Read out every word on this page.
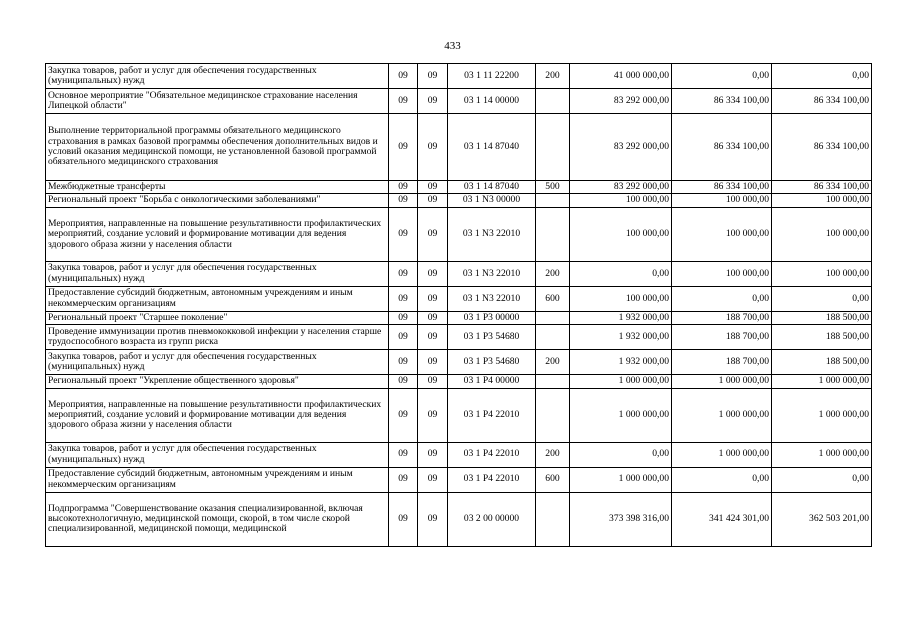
433
Закупка товаров, работ и услуг для обеспечения государственных (муниципальных) нужд	09	09	03 1 11 22200	200	41 000 000,00	0,00	0,00
Основное мероприятие "Обязательное медицинское страхование населения Липецкой области"	09	09	03 1 14 00000		83 292 000,00	86 334 100,00	86 334 100,00
Выполнение территориальной программы обязательного медицинского страхования в рамках базовой программы обеспечения дополнительных видов и условий оказания медицинской помощи, не установленной базовой программой обязательного медицинского страхования	09	09	03 1 14 87040		83 292 000,00	86 334 100,00	86 334 100,00
Межбюджетные трансферты	09	09	03 1 14 87040	500	83 292 000,00	86 334 100,00	86 334 100,00
Региональный проект "Борьба с онкологическими заболеваниями"	09	09	03 1 N3 00000		100 000,00	100 000,00	100 000,00
Мероприятия, направленные на повышение результативности профилактических мероприятий, создание условий и формирование мотивации для ведения здорового образа жизни у населения области	09	09	03 1 N3 22010		100 000,00	100 000,00	100 000,00
Закупка товаров, работ и услуг для обеспечения государственных (муниципальных) нужд	09	09	03 1 N3 22010	200	0,00	100 000,00	100 000,00
Предоставление субсидий бюджетным, автономным учреждениям и иным некоммерческим организациям	09	09	03 1 N3 22010	600	100 000,00	0,00	0,00
Региональный проект "Старшее поколение"	09	09	03 1 P3 00000		1 932 000,00	188 700,00	188 500,00
Проведение иммунизации против пневмококковой инфекции у населения старше трудоспособного возраста из групп риска	09	09	03 1 P3 54680		1 932 000,00	188 700,00	188 500,00
Закупка товаров, работ и услуг для обеспечения государственных (муниципальных) нужд	09	09	03 1 P3 54680	200	1 932 000,00	188 700,00	188 500,00
Региональный проект "Укрепление общественного здоровья"	09	09	03 1 P4 00000		1 000 000,00	1 000 000,00	1 000 000,00
Мероприятия, направленные на повышение результативности профилактических мероприятий, создание условий и формирование мотивации для ведения здорового образа жизни у населения области	09	09	03 1 P4 22010		1 000 000,00	1 000 000,00	1 000 000,00
Закупка товаров, работ и услуг для обеспечения государственных (муниципальных) нужд	09	09	03 1 P4 22010	200	0,00	1 000 000,00	1 000 000,00
Предоставление субсидий бюджетным, автономным учреждениям и иным некоммерческим организациям	09	09	03 1 P4 22010	600	1 000 000,00	0,00	0,00
Подпрограмма "Совершенствование оказания специализированной, включая высокотехнологичную, медицинской помощи, скорой, в том числе скорой специализированной, медицинской помощи, медицинской	09	09	03 2 00 00000		373 398 316,00	341 424 301,00	362 503 201,00
